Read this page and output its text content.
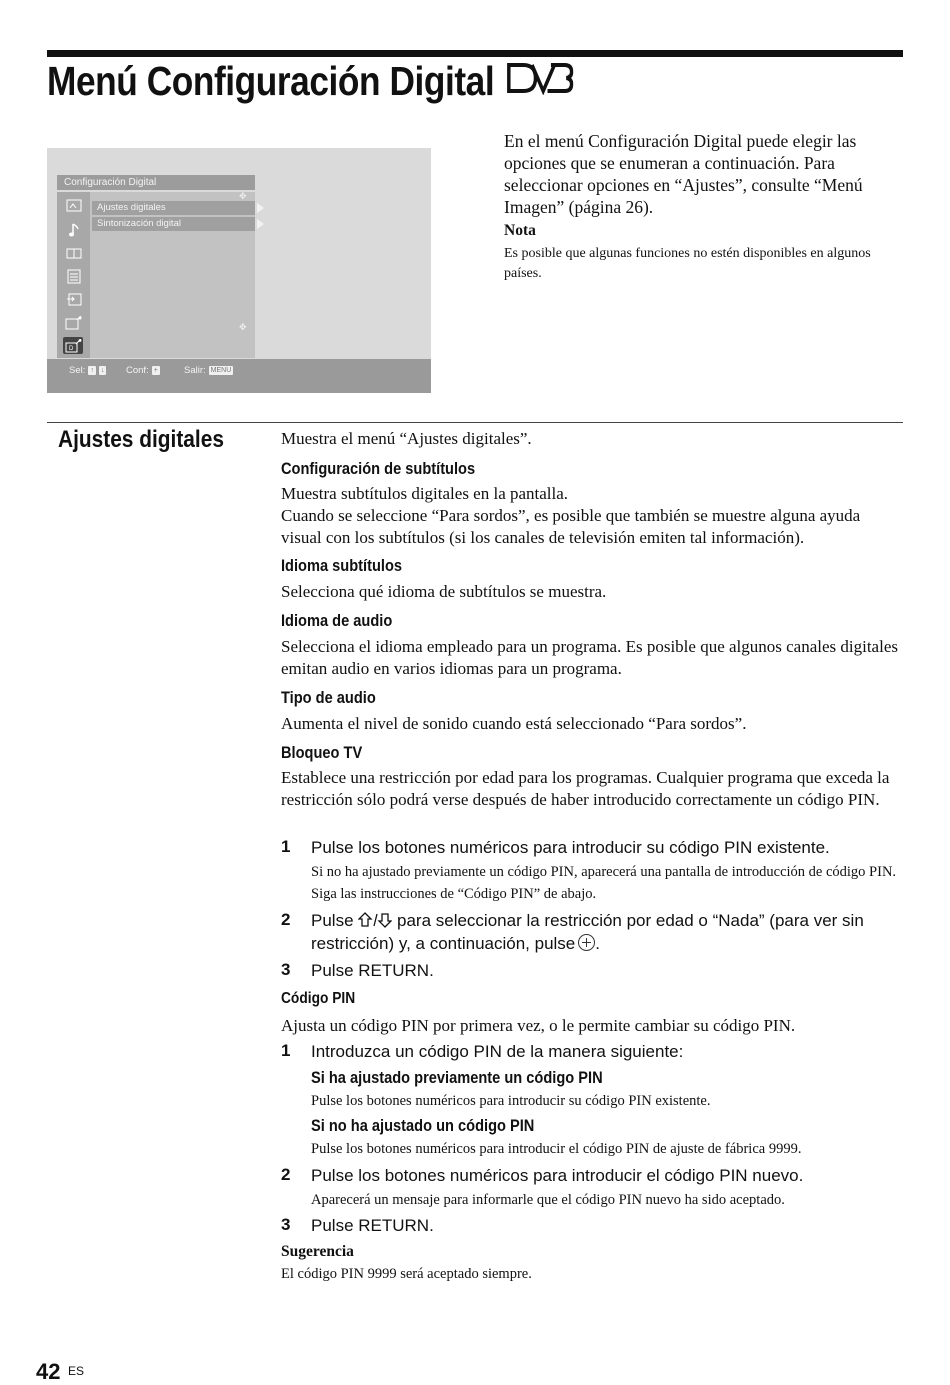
Menú Configuración Digital
Configuración Digital
D
Ajustes digitales
Sintonización digital
✥
✥
Sel: ↑ ↓ Conf: +	Salir: MENU

En el menú Configuración Digital puede elegir las opciones que se enumeran a continuación. Para seleccionar opciones en “Ajustes”, consulte “Menú Imagen” (página 26).

Nota
Es posible que algunas funciones no estén disponibles en algunos países.
Ajustes digitales	Muestra el menú “Ajustes digitales”.
Configuración de subtítulos
Muestra subtítulos digitales en la pantalla.
Cuando se seleccione “Para sordos”, es posible que también se muestre alguna ayuda visual con los subtítulos (si los canales de televisión emiten tal información).
Idioma subtítulos
Selecciona qué idioma de subtítulos se muestra.
Idioma de audio
Selecciona el idioma empleado para un programa. Es posible que algunos canales digitales emitan audio en varios idiomas para un programa.
Tipo de audio
Aumenta el nivel de sonido cuando está seleccionado “Para sordos”.
Bloqueo TV
Establece una restricción por edad para los programas. Cualquier programa que exceda la restricción sólo podrá verse después de haber introducido correctamente un código PIN.
1 Pulse los botones numéricos para introducir su código PIN existente.
Si no ha ajustado previamente un código PIN, aparecerá una pantalla de introducción de código PIN. Siga las instrucciones de “Código PIN” de abajo.
2 Pulse	para seleccionar la restricción por edad o “Nada” (para ver sin restricción) y, a continuación, pulse .
3 Pulse RETURN.
Código PIN
Ajusta un código PIN por primera vez, o le permite cambiar su código PIN.
1 Introduzca un código PIN de la manera siguiente:
Si ha ajustado previamente un código PIN
Pulse los botones numéricos para introducir su código PIN existente.
Si no ha ajustado un código PIN
Pulse los botones numéricos para introducir el código PIN de ajuste de fábrica 9999.
2 Pulse los botones numéricos para introducir el código PIN nuevo.
Aparecerá un mensaje para informarle que el código PIN nuevo ha sido aceptado.
3 Pulse RETURN.
Sugerencia
El código PIN 9999 será aceptado siempre.
42 ES
